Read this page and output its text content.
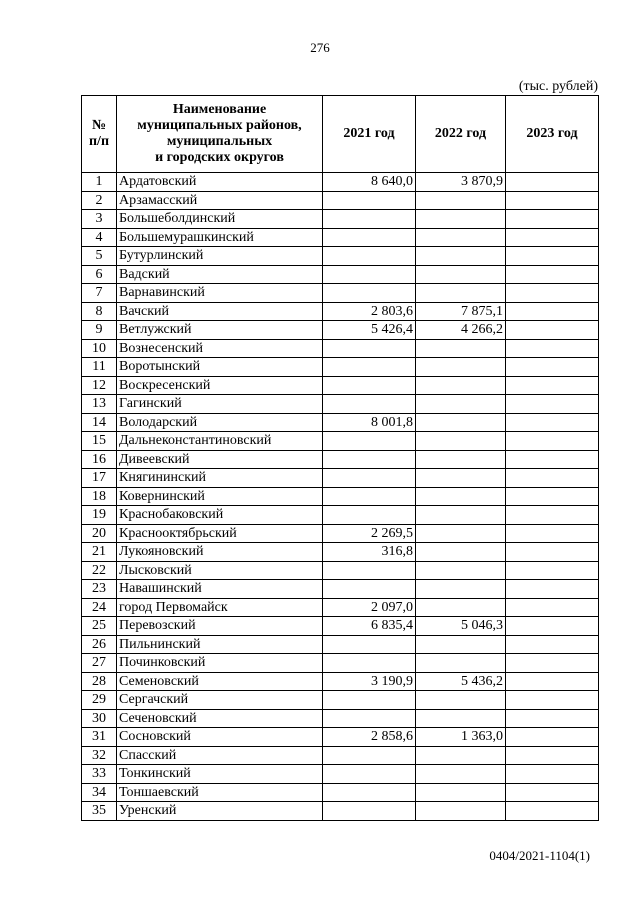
276
(тыс. рублей)
№
п/п	Наименование
муниципальных районов,
муниципальных
и городских округов	2021 год	2022 год	2023 год
1	Ардатовский	8 640,0	3 870,9	
2	Арзамасский			
3	Большеболдинский			
4	Большемурашкинский			
5	Бутурлинский			
6	Вадский			
7	Варнавинский			
8	Вачский	2 803,6	7 875,1	
9	Ветлужский	5 426,4	4 266,2	
10	Вознесенский			
11	Воротынский			
12	Воскресенский			
13	Гагинский			
14	Володарский	8 001,8		
15	Дальнеконстантиновский			
16	Дивеевский			
17	Княгининский			
18	Ковернинский			
19	Краснобаковский			
20	Краснооктябрьский	2 269,5		
21	Лукояновский	316,8		
22	Лысковский			
23	Навашинский			
24	город Первомайск	2 097,0		
25	Перевозский	6 835,4	5 046,3	
26	Пильнинский			
27	Починковский			
28	Семеновский	3 190,9	5 436,2	
29	Сергачский			
30	Сеченовский			
31	Сосновский	2 858,6	1 363,0	
32	Спасский			
33	Тонкинский			
34	Тоншаевский			
35	Уренский			
0404/2021-1104(1)
